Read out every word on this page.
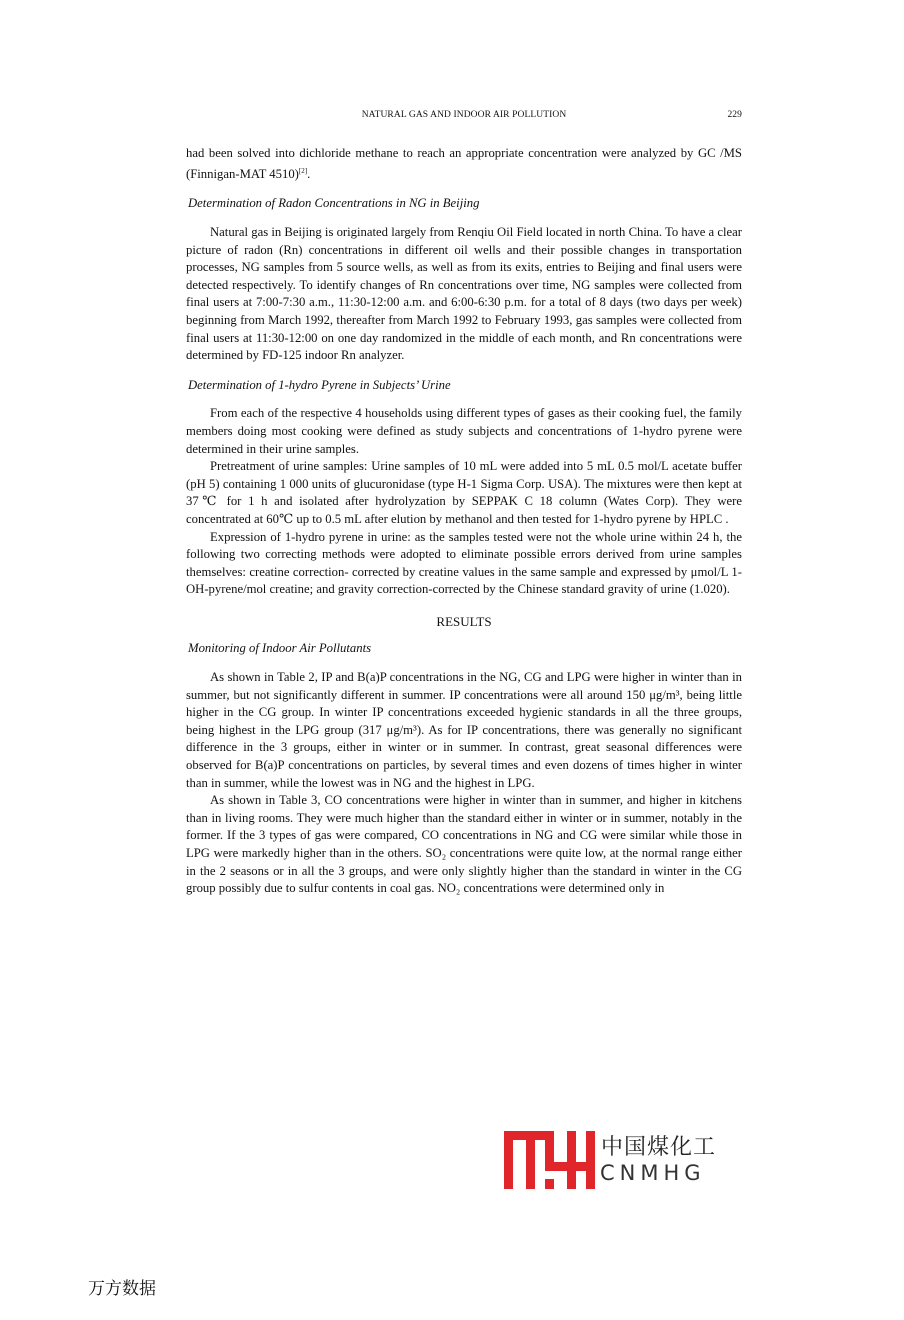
NATURAL GAS AND INDOOR AIR POLLUTION	229

had been solved into dichloride methane to reach an appropriate concentration were analyzed by GC /MS (Finnigan-MAT 4510)[2].

Determination of Radon Concentrations in NG in Beijing

Natural gas in Beijing is originated largely from Renqiu Oil Field located in north China. To have a clear picture of radon (Rn) concentrations in different oil wells and their possible changes in transportation processes, NG samples from 5 source wells, as well as from its exits, entries to Beijing and final users were detected respectively. To identify changes of Rn concentrations over time, NG samples were collected from final users at 7:00-7:30 a.m., 11:30-12:00 a.m. and 6:00-6:30 p.m. for a total of 8 days (two days per week) beginning from March 1992, thereafter from March 1992 to February 1993, gas samples were collected from final users at 11:30-12:00 on one day randomized in the middle of each month, and Rn concentrations were determined by FD-125 indoor Rn analyzer.

Determination of 1-hydro Pyrene in Subjects’ Urine

From each of the respective 4 households using different types of gases as their cooking fuel, the family members doing most cooking were defined as study subjects and concentrations of 1-hydro pyrene were determined in their urine samples.

Pretreatment of urine samples: Urine samples of 10 mL were added into 5 mL 0.5 mol/L acetate buffer (pH 5) containing 1 000 units of glucuronidase (type H-1 Sigma Corp. USA). The mixtures were then kept at 37℃ for 1 h and isolated after hydrolyzation by SEPPAK C 18 column (Wates Corp). They were concentrated at 60℃ up to 0.5 mL after elution by methanol and then tested for 1-hydro pyrene by HPLC .

Expression of 1-hydro pyrene in urine: as the samples tested were not the whole urine within 24 h, the following two correcting methods were adopted to eliminate possible errors derived from urine samples themselves: creatine correction- corrected by creatine values in the same sample and expressed by μmol/L 1-OH-pyrene/mol creatine; and gravity correction-corrected by the Chinese standard gravity of urine (1.020).

RESULTS

Monitoring of Indoor Air Pollutants

As shown in Table 2, IP and B(a)P concentrations in the NG, CG and LPG were higher in winter than in summer, but not significantly different in summer. IP concentrations were all around 150 μg/m³, being little higher in the CG group. In winter IP concentrations exceeded hygienic standards in all the three groups, being highest in the LPG group (317 μg/m³). As for IP concentrations, there was generally no significant difference in the 3 groups, either in winter or in summer. In contrast, great seasonal differences were observed for B(a)P concentrations on particles, by several times and even dozens of times higher in winter than in summer, while the lowest was in NG and the highest in LPG.

As shown in Table 3, CO concentrations were higher in winter than in summer, and higher in kitchens than in living rooms. They were much higher than the standard either in winter or in summer, notably in the former. If the 3 types of gas were compared, CO concentrations in NG and CG were similar while those in LPG were markedly higher than in the others. SO₂ concentrations were quite low, at the normal range either in the 2 seasons or in all the 3 groups, and were only slightly higher than the standard in winter in the CG group possibly due to sulfur contents in coal gas. NO₂ concentrations were determined only in

中国煤化工
CNMHG
万方数据
